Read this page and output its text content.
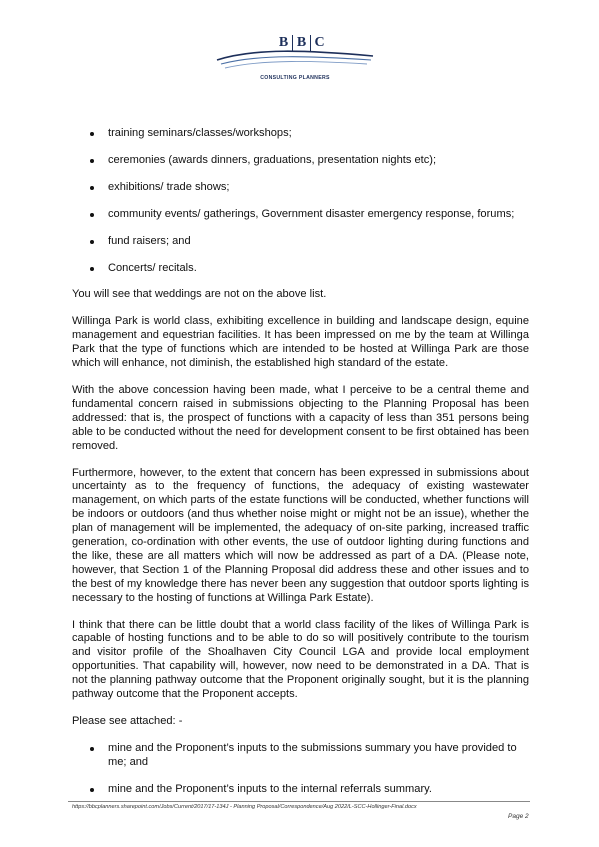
B B C
CONSULTING PLANNERS
training seminars/classes/workshops;
ceremonies (awards dinners, graduations, presentation nights etc);
exhibitions/ trade shows;
community events/ gatherings, Government disaster emergency response, forums;
fund raisers; and
Concerts/ recitals.

You will see that weddings are not on the above list.

Willinga Park is world class, exhibiting excellence in building and landscape design, equine management and equestrian facilities. It has been impressed on me by the team at Willinga Park that the type of functions which are intended to be hosted at Willinga Park are those which will enhance, not diminish, the established high standard of the estate.

With the above concession having been made, what I perceive to be a central theme and fundamental concern raised in submissions objecting to the Planning Proposal has been addressed: that is, the prospect of functions with a capacity of less than 351 persons being able to be conducted without the need for development consent to be first obtained has been removed.

Furthermore, however, to the extent that concern has been expressed in submissions about uncertainty as to the frequency of functions, the adequacy of existing wastewater management, on which parts of the estate functions will be conducted, whether functions will be indoors or outdoors (and thus whether noise might or might not be an issue), whether the plan of management will be implemented, the adequacy of on-site parking, increased traffic generation, co-ordination with other events, the use of outdoor lighting during functions and the like, these are all matters which will now be addressed as part of a DA. (Please note, however, that Section 1 of the Planning Proposal did address these and other issues and to the best of my knowledge there has never been any suggestion that outdoor sports lighting is necessary to the hosting of functions at Willinga Park Estate).

I think that there can be little doubt that a world class facility of the likes of Willinga Park is capable of hosting functions and to be able to do so will positively contribute to the tourism and visitor profile of the Shoalhaven City Council LGA and provide local employment opportunities. That capability will, however, now need to be demonstrated in a DA. That is not the planning pathway outcome that the Proponent originally sought, but it is the planning pathway outcome that the Proponent accepts.

Please see attached: -

mine and the Proponent’s inputs to the submissions summary you have provided to me; and
mine and the Proponent’s inputs to the internal referrals summary.
https://bbcplanners.sharepoint.com/Jobs/Current/2017/17-134J - Planning Proposal/Correspondence/Aug 2022/L-SCC-Hollinger-Final.docx
Page 2
